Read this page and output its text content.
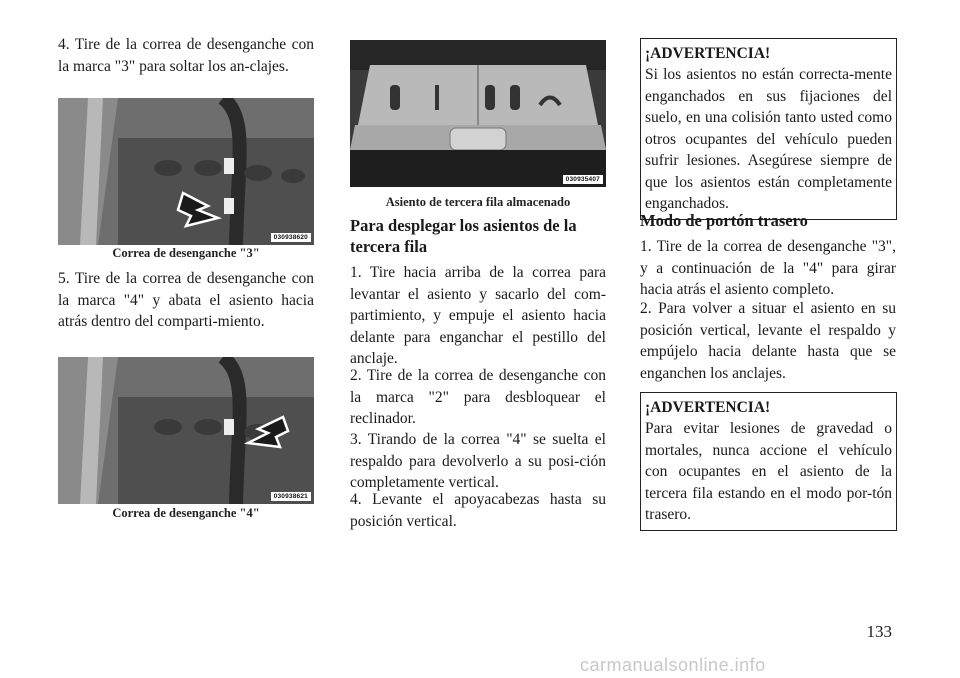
4. Tire de la correa de desenganche con la marca "3" para soltar los an-clajes.

030938620

Correa de desenganche "3"

5. Tire de la correa de desenganche con la marca "4" y abata el asiento hacia atrás dentro del comparti-miento.

030938621

Correa de desenganche "4"

030935407

Asiento de tercera fila almacenado

Para desplegar los asientos de la tercera fila

1. Tire hacia arriba de la correa para levantar el asiento y sacarlo del com-partimiento, y empuje el asiento hacia delante para enganchar el pestillo del anclaje.

2. Tire de la correa de desenganche con la marca "2" para desbloquear el reclinador.

3. Tirando de la correa "4" se suelta el respaldo para devolverlo a su posi-ción completamente vertical.

4. Levante el apoyacabezas hasta su posición vertical.

¡ADVERTENCIA!

Si los asientos no están correcta-mente enganchados en sus fijaciones del suelo, en una colisión tanto usted como otros ocupantes del vehículo pueden sufrir lesiones. Asegúrese siempre de que los asientos están completamente enganchados.

Modo de portón trasero

1. Tire de la correa de desenganche "3", y a continuación de la "4" para girar hacia atrás el asiento completo.

2. Para volver a situar el asiento en su posición vertical, levante el respaldo y empújelo hacia delante hasta que se enganchen los anclajes.

¡ADVERTENCIA!

Para evitar lesiones de gravedad o mortales, nunca accione el vehículo con ocupantes en el asiento de la tercera fila estando en el modo por-tón trasero.

133
carmanualsonline.info
